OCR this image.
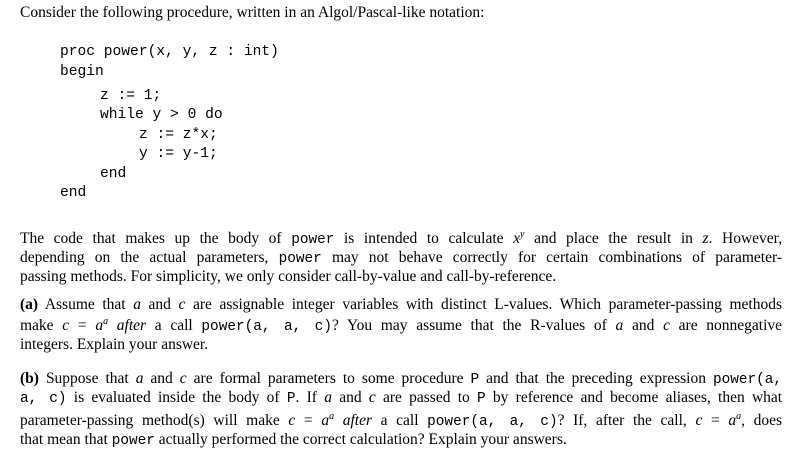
Consider the following procedure, written in an Algol/Pascal-like notation:
proc power(x, y, z : int)
begin
z := 1;
while y > 0 do
z := z*x;
y := y-1;
end
end
The code that makes up the body of power is intended to calculate $x^y$ and place the result in z. However,
depending on the actual parameters, power may not behave correctly for certain combinations of parameter-
passing methods. For simplicity, we only consider call-by-value and call-by-reference.
(a) Assume that a and c are assignable integer variables with distinct L-values. Which parameter-passing methods
make $c = a^a$ after a call power(a, a, c)? You may assume that the R-values of a and c are nonnegative
integers. Explain your answer.
(b) Suppose that a and c are formal parameters to some procedure P and that the preceding expression power(a,
a, c) is evaluated inside the body of P. If a and c are passed to P by reference and become aliases, then what
parameter-passing method(s) will make $c = a^a$ after a call power(a, a, c)? If, after the call, $c = a^a$, does
that mean that power actually performed the correct calculation? Explain your answers.
